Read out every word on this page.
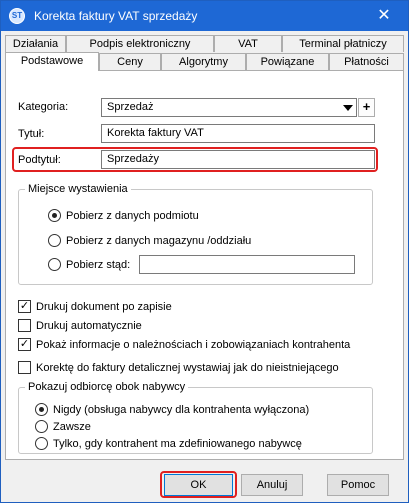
ST Korekta faktury VAT sprzedaży	✕
Działania	Podpis elektroniczny	VAT	Terminal płatniczy
Podstawowe	Ceny	Algorytmy	Powiązane	Płatności
Kategoria:	Sprzedaż	+
Tytuł:	Korekta faktury VAT
Podtytuł:	Sprzedaży
Miejsce wystawienia
Pobierz z danych podmiotu
Pobierz z danych magazynu /oddziału
Pobierz stąd:
✓ Drukuj dokument po zapisie
Drukuj automatycznie
✓ Pokaż informacje o należnościach i zobowiązaniach kontrahenta
Korektę do faktury detalicznej wystawiaj jak do nieistniejącego
Pokazuj odbiorcę obok nabywcy
Nigdy (obsługa nabywcy dla kontrahenta wyłączona)
Zawsze
Tylko, gdy kontrahent ma zdefiniowanego nabywcę
OK	Anuluj	Pomoc
